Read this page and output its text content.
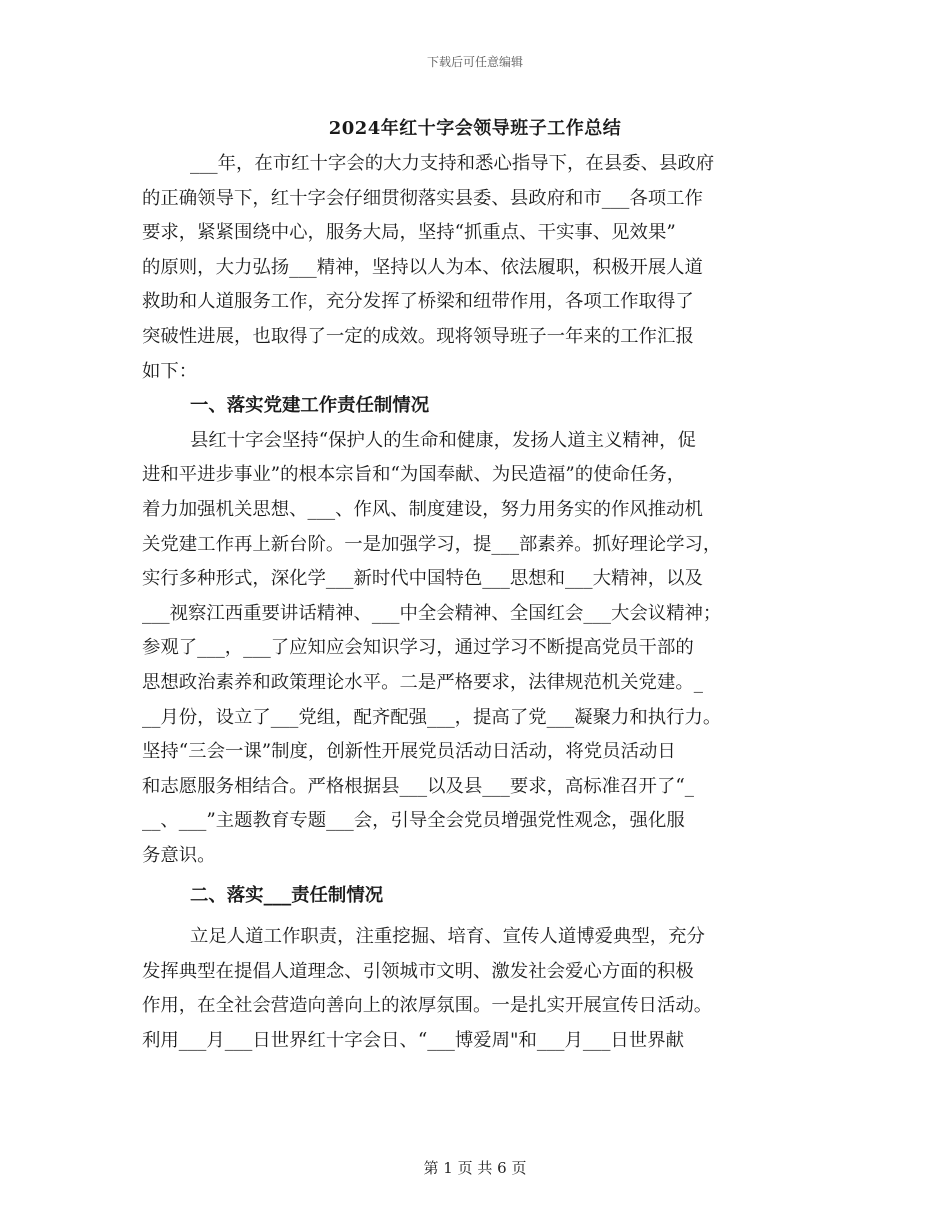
下载后可任意编辑
2024年红十字会领导班子工作总结
___年，在市红十字会的大力支持和悉心指导下，在县委、县政府
的正确领导下，红十字会仔细贯彻落实县委、县政府和市___各项工作
要求，紧紧围绕中心，服务大局，坚持“抓重点、干实事、见效果”
的原则，大力弘扬___精神，坚持以人为本、依法履职，积极开展人道
救助和人道服务工作，充分发挥了桥梁和纽带作用，各项工作取得了
突破性进展，也取得了一定的成效。现将领导班子一年来的工作汇报
如下：
一、落实党建工作责任制情况
县红十字会坚持“保护人的生命和健康，发扬人道主义精神，促
进和平进步事业”的根本宗旨和“为国奉献、为民造福”的使命任务，
着力加强机关思想、___、作风、制度建设，努力用务实的作风推动机
关党建工作再上新台阶。一是加强学习，提___部素养。抓好理论学习，
实行多种形式，深化学___新时代中国特色___思想和___大精神，以及
___视察江西重要讲话精神、___中全会精神、全国红会___大会议精神；
参观了___，___了应知应会知识学习，通过学习不断提高党员干部的
思想政治素养和政策理论水平。二是严格要求，法律规范机关党建。_
__月份，设立了___党组，配齐配强___，提高了党___凝聚力和执行力。
坚持“三会一课”制度，创新性开展党员活动日活动，将党员活动日
和志愿服务相结合。严格根据县___以及县___要求，高标准召开了“_
__、___”主题教育专题___会，引导全会党员增强党性观念，强化服
务意识。
二、落实___责任制情况
立足人道工作职责，注重挖掘、培育、宣传人道博爱典型，充分
发挥典型在提倡人道理念、引领城市文明、激发社会爱心方面的积极
作用，在全社会营造向善向上的浓厚氛围。一是扎实开展宣传日活动。
利用___月___日世界红十字会日、“___博爱周"和___月___日世界献
第 1 页 共 6 页
